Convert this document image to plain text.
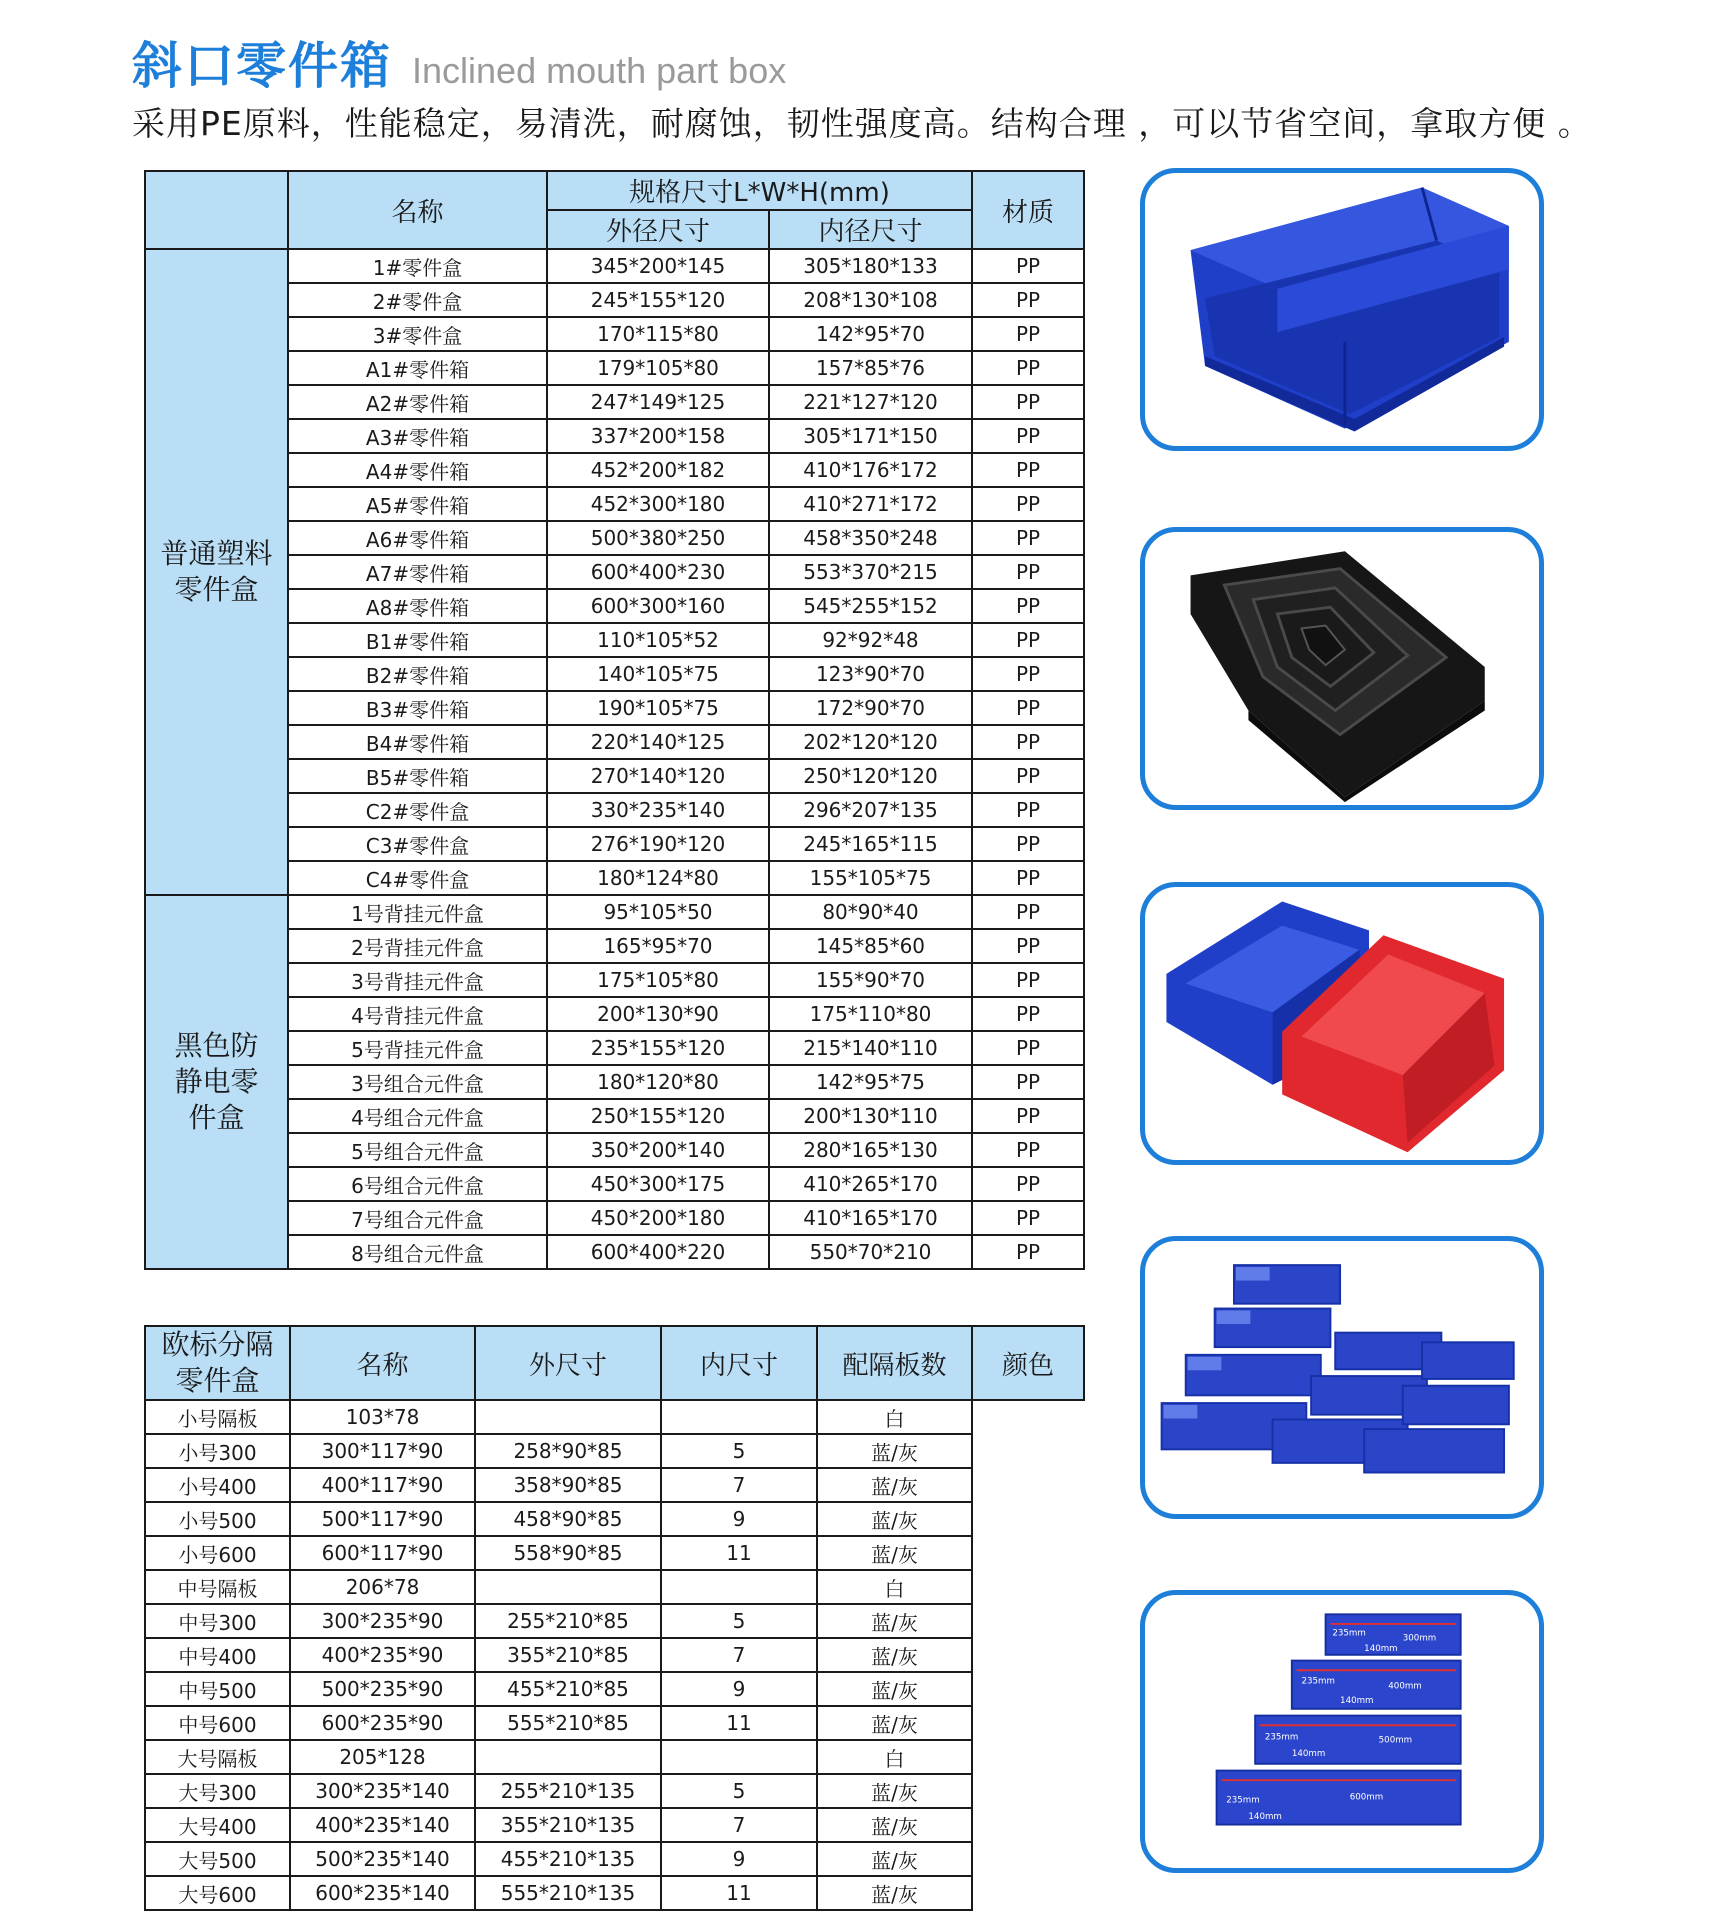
斜口零件箱 Inclined mouth part box
采用PE原料，性能稳定，易清洗，耐腐蚀，韧性强度高。结构合理 ，可以节省空间，拿取方便 。
	名称	规格尺寸L*W*H(mm)		材质
		外径尺寸	内径尺寸	
普通塑料零件盒	1#零件盒	345*200*145	305*180*133	PP
	2#零件盒	245*155*120	208*130*108	PP
	3#零件盒	170*115*80	142*95*70	PP
	A1#零件箱	179*105*80	157*85*76	PP
	A2#零件箱	247*149*125	221*127*120	PP
	A3#零件箱	337*200*158	305*171*150	PP
	A4#零件箱	452*200*182	410*176*172	PP
	A5#零件箱	452*300*180	410*271*172	PP
	A6#零件箱	500*380*250	458*350*248	PP
	A7#零件箱	600*400*230	553*370*215	PP
	A8#零件箱	600*300*160	545*255*152	PP
	B1#零件箱	110*105*52	92*92*48	PP
	B2#零件箱	140*105*75	123*90*70	PP
	B3#零件箱	190*105*75	172*90*70	PP
	B4#零件箱	220*140*125	202*120*120	PP
	B5#零件箱	270*140*120	250*120*120	PP
	C2#零件盒	330*235*140	296*207*135	PP
	C3#零件盒	276*190*120	245*165*115	PP
	C4#零件盒	180*124*80	155*105*75	PP
黑色防静电零件盒	1号背挂元件盒	95*105*50	80*90*40	PP
	2号背挂元件盒	165*95*70	145*85*60	PP
	3号背挂元件盒	175*105*80	155*90*70	PP
	4号背挂元件盒	200*130*90	175*110*80	PP
	5号背挂元件盒	235*155*120	215*140*110	PP
	3号组合元件盒	180*120*80	142*95*75	PP
	4号组合元件盒	250*155*120	200*130*110	PP
	5号组合元件盒	350*200*140	280*165*130	PP
	6号组合元件盒	450*300*175	410*265*170	PP
	7号组合元件盒	450*200*180	410*165*170	PP
	8号组合元件盒	600*400*220	550*70*210	PP
欧标分隔零件盒	名称	外尺寸	内尺寸	配隔板数	颜色
小号隔板	103*78			白	
小号300	300*117*90	258*90*85	5	蓝/灰	
小号400	400*117*90	358*90*85	7	蓝/灰	
小号500	500*117*90	458*90*85	9	蓝/灰	
小号600	600*117*90	558*90*85	11	蓝/灰	
中号隔板	206*78			白	
中号300	300*235*90	255*210*85	5	蓝/灰	
中号400	400*235*90	355*210*85	7	蓝/灰	
中号500	500*235*90	455*210*85	9	蓝/灰	
中号600	600*235*90	555*210*85	11	蓝/灰	
大号隔板	205*128			白	
大号300	300*235*140	255*210*135	5	蓝/灰	
大号400	400*235*140	355*210*135	7	蓝/灰	
大号500	500*235*140	455*210*135	9	蓝/灰	
大号600	600*235*140	555*210*135	11	蓝/灰	
235mm	300mm
140mm
235mm	400mm
140mm
235mm	500mm
140mm
235mm	600mm
140mm
